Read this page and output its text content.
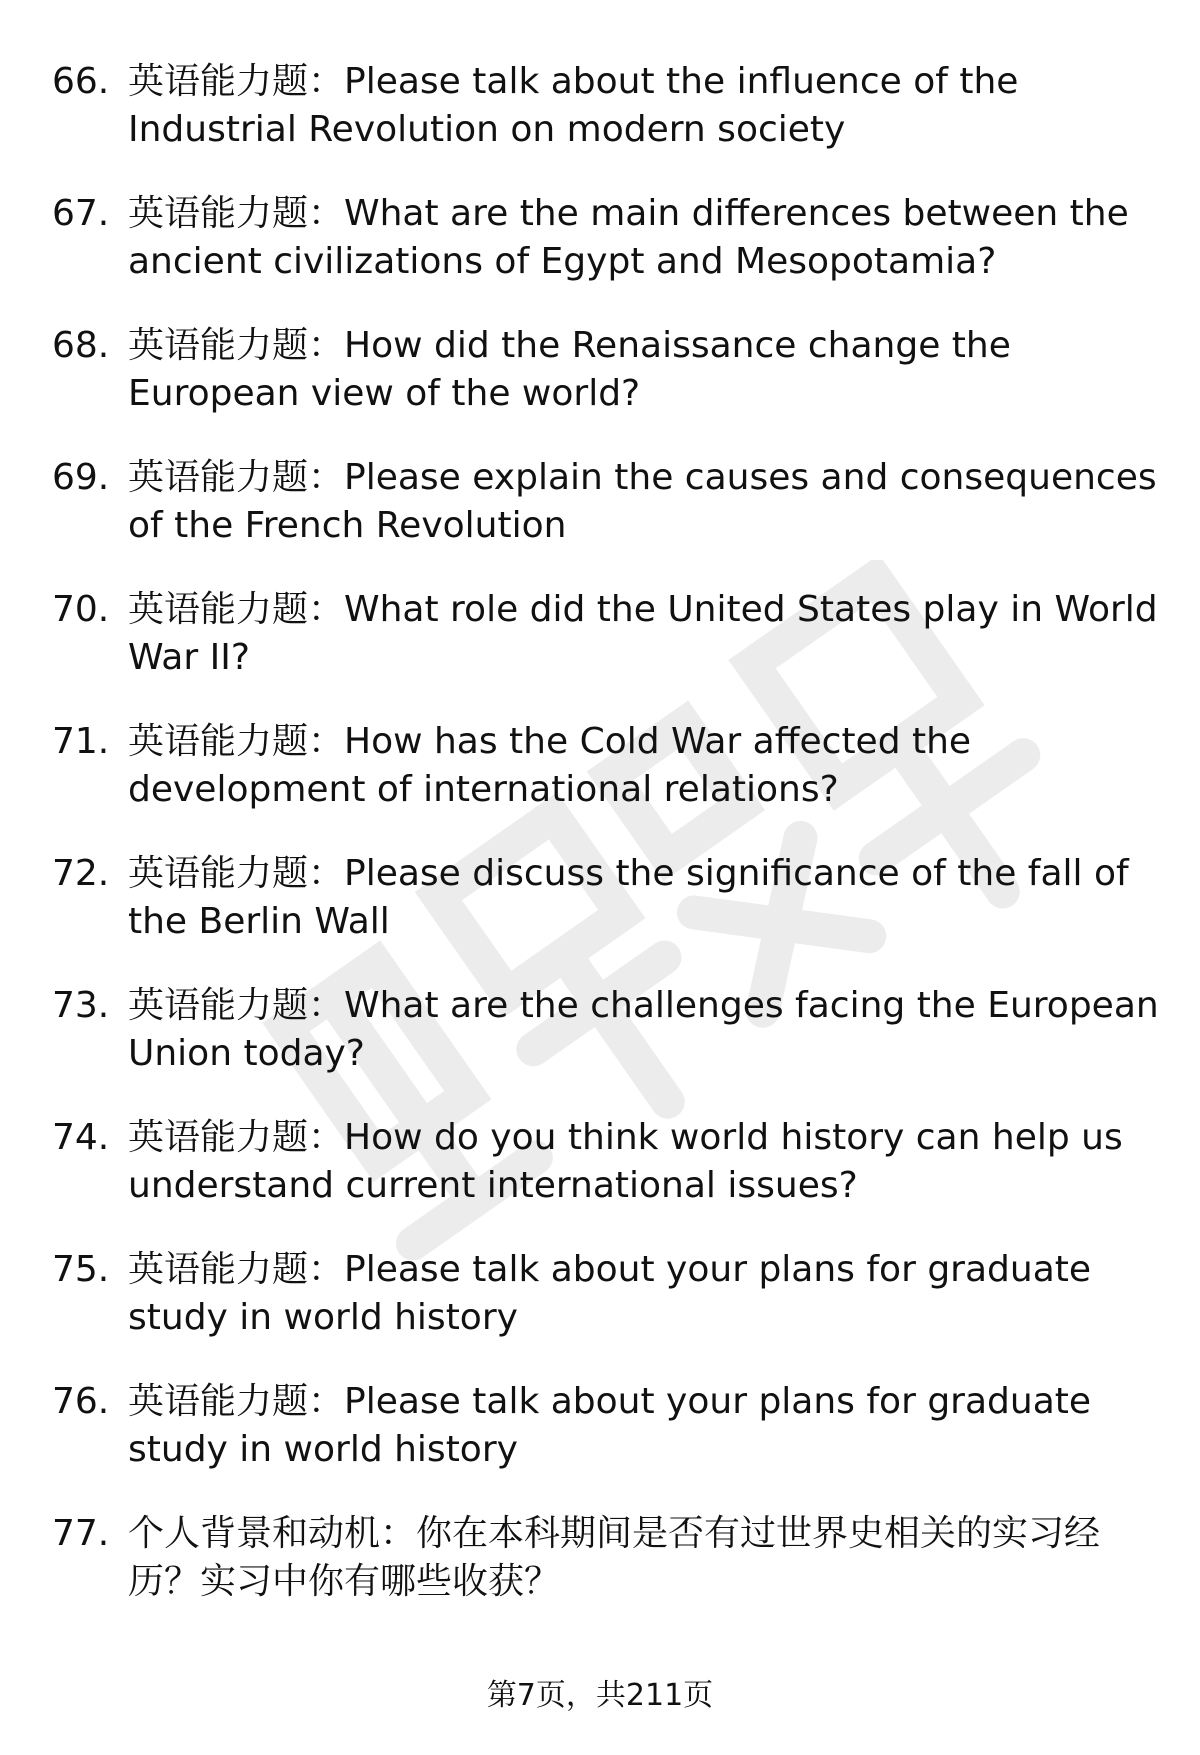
66. 英语能力题：Please talk about the influence of the Industrial Revolution on modern society
67. 英语能力题：What are the main differences between the ancient civilizations of Egypt and Mesopotamia?
68. 英语能力题：How did the Renaissance change the European view of the world?
69. 英语能力题：Please explain the causes and consequences of the French Revolution
70. 英语能力题：What role did the United States play in World War II?
71. 英语能力题：How has the Cold War affected the development of international relations?
72. 英语能力题：Please discuss the significance of the fall of the Berlin Wall
73. 英语能力题：What are the challenges facing the European Union today?
74. 英语能力题：How do you think world history can help us understand current international issues?
75. 英语能力题：Please talk about your plans for graduate study in world history
76. 英语能力题：Please talk about your plans for graduate study in world history
77. 个人背景和动机：你在本科期间是否有过世界史相关的实习经历？实习中你有哪些收获？
第7页，共211页
